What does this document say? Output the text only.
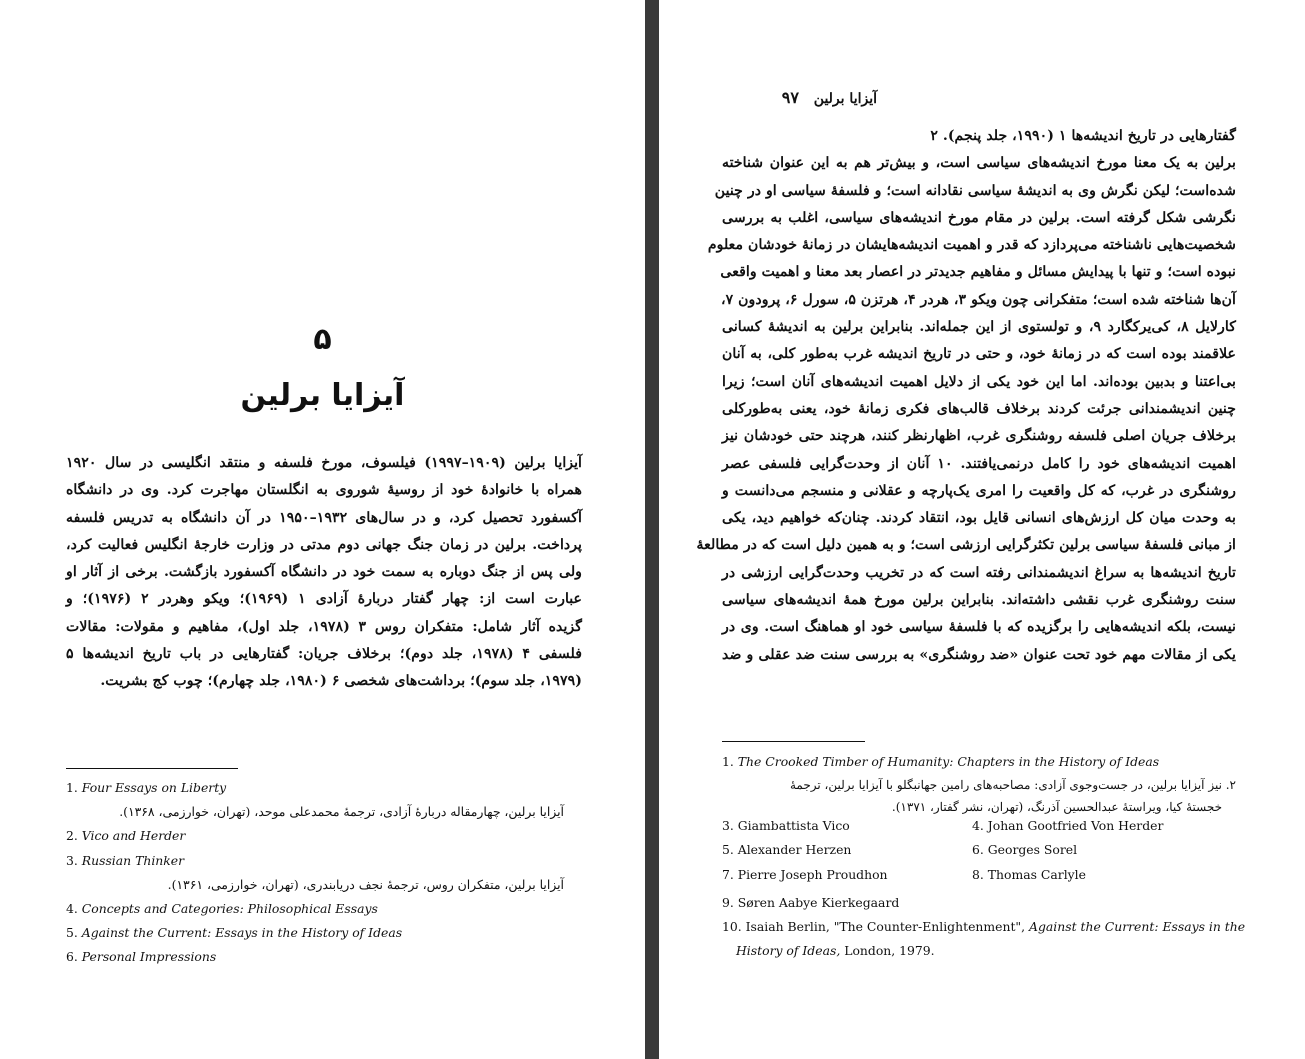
۵
آیزایا برلین
آیزایا برلین (۱۹۰۹–۱۹۹۷) فیلسوف، مورخ فلسفه و منتقد انگلیسی در سال ۱۹۲۰
همراه با خانوادهٔ خود از روسیهٔ شوروی به انگلستان مهاجرت کرد. وی در دانشگاه
آکسفورد تحصیل کرد، و در سال‌های ۱۹۳۲–۱۹۵۰ در آن دانشگاه به تدریس فلسفه
پرداخت. برلین در زمان جنگ جهانی دوم مدتی در وزارت خارجهٔ انگلیس فعالیت کرد،
ولی پس از جنگ دوباره به سمت خود در دانشگاه آکسفورد بازگشت. برخی از آثار او
عبارت است از: چهار گفتار دربارهٔ آزادی ۱ (۱۹۶۹)؛ ویکو وهردر ۲ (۱۹۷۶)؛ و
گزیده آثار شامل: متفکران روس ۳ (۱۹۷۸، جلد اول)، مفاهیم و مقولات: مقالات
فلسفی ۴ (۱۹۷۸، جلد دوم)؛ برخلاف جریان: گفتارهایی در باب تاریخ اندیشه‌ها ۵
(۱۹۷۹، جلد سوم)؛ برداشت‌های شخصی ۶ (۱۹۸۰، جلد چهارم)؛ چوب کج بشریت.
1. Four Essays on Liberty
آیزایا برلین، چهارمقاله دربارهٔ آزادی، ترجمهٔ محمدعلی موحد، (تهران، خوارزمی، ۱۳۶۸).
2. Vico and Herder
3. Russian Thinker
آیزایا برلین، متفکران روس، ترجمهٔ نجف دریابندری، (تهران، خوارزمی، ۱۳۶۱).
4. Concepts and Categories: Philosophical Essays
5. Against the Current: Essays in the History of Ideas
6. Personal Impressions
آیزایا برلین ۹۷
گفتارهایی در تاریخ اندیشه‌ها ۱ (۱۹۹۰، جلد پنجم). ۲
برلین به یک معنا مورخ اندیشه‌های سیاسی است، و بیش‌تر هم به این عنوان شناخته
شده‌است؛ لیکن نگرش وی به اندیشهٔ سیاسی نقادانه است؛ و فلسفهٔ سیاسی او در چنین
نگرشی شکل گرفته است. برلین در مقام مورخ اندیشه‌های سیاسی، اغلب به بررسی
شخصیت‌هایی ناشناخته می‌پردازد که قدر و اهمیت اندیشه‌هایشان در زمانهٔ خودشان معلوم
نبوده است؛ و تنها با پیدایش مسائل و مفاهیم جدیدتر در اعصار بعد معنا و اهمیت واقعی
آن‌ها شناخته شده است؛ متفکرانی چون ویکو ۳، هردر ۴، هرتزن ۵، سورل ۶، پرودون ۷،
کارلایل ۸، کی‌یرکگارد ۹، و تولستوی از این جمله‌اند. بنابراین برلین به اندیشهٔ کسانی
علاقمند بوده است که در زمانهٔ خود، و حتی در تاریخ اندیشه غرب به‌طور کلی، به آنان
بی‌اعتنا و بدبین بوده‌اند. اما این خود یکی از دلایل اهمیت اندیشه‌های آنان است؛ زیرا
چنین اندیشمندانی جرئت کردند برخلاف قالب‌های فکری زمانهٔ خود، یعنی به‌طورکلی
برخلاف جریان اصلی فلسفه روشنگری غرب، اظهارنظر کنند، هرچند حتی خودشان نیز
اهمیت اندیشه‌های خود را کامل درنمی‌یافتند. ۱۰ آنان از وحدت‌گرایی فلسفی عصر
روشنگری در غرب، که کل واقعیت را امری یک‌پارچه و عقلانی و منسجم می‌دانست و
به وحدت میان کل ارزش‌های انسانی قایل بود، انتقاد کردند. چنان‌که خواهیم دید، یکی
از مبانی فلسفهٔ سیاسی برلین تکثرگرایی ارزشی است؛ و به همین دلیل است که در مطالعهٔ
تاریخ اندیشه‌ها به سراغ اندیشمندانی رفته است که در تخریب وحدت‌گرایی ارزشی در
سنت روشنگری غرب نقشی داشته‌اند. بنابراین برلین مورخ همهٔ اندیشه‌های سیاسی
نیست، بلکه اندیشه‌هایی را برگزیده که با فلسفهٔ سیاسی خود او هماهنگ است. وی در
یکی از مقالات مهم خود تحت عنوان «ضد روشنگری» به بررسی سنت ضد عقلی و ضد
1. The Crooked Timber of Humanity: Chapters in the History of Ideas
۲. نیز آیزایا برلین، در جست‌وجوی آزادی: مصاحبه‌های رامین جهانبگلو با آیزایا برلین، ترجمهٔ
خجستهٔ کیا، ویراستهٔ عبدالحسین آذرنگ، (تهران، نشر گفتار، ۱۳۷۱).
3. Giambattista Vico	4. Johan Gootfried Von Herder
5. Alexander Herzen	6. Georges Sorel
7. Pierre Joseph Proudhon	8. Thomas Carlyle
9. Søren Aabye Kierkegaard
10. Isaiah Berlin, "The Counter-Enlightenment", Against the Current: Essays in the
History of Ideas, London, 1979.
